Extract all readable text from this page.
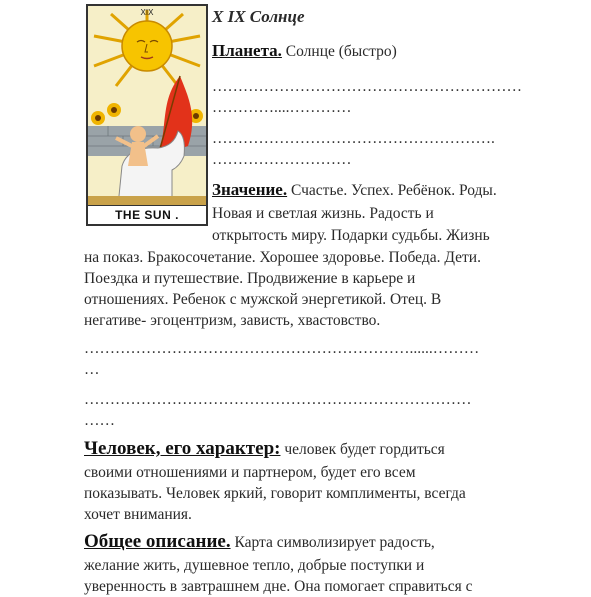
XIX
THE SUN .
X IX Солнце
Планета. Солнце (быстро)
……………………………………………………
…………....…………
……………………………………………….
………………………
Значение. Счастье. Успех. Ребёнок. Роды.
Новая и светлая жизнь. Радость и
открытость миру. Подарки судьбы. Жизнь
на показ. Бракосочетание. Хорошее здоровье. Победа. Дети.
Поездка и путешествие. Продвижение в карьере и
отношениях. Ребенок с мужской энергетикой. Отец. В
негативе- эгоцентризм, зависть, хвастовство.
………………………………………………………......………
…
…………………………………………………………………
……
Человек, его характер: человек будет гордиться
своими отношениями и партнером, будет его всем
показывать. Человек яркий, говорит комплименты, всегда
хочет внимания.
Общее описание. Карта символизирует радость,
желание жить, душевное тепло, добрые поступки и
уверенность в завтрашнем дне. Она помогает справиться с
